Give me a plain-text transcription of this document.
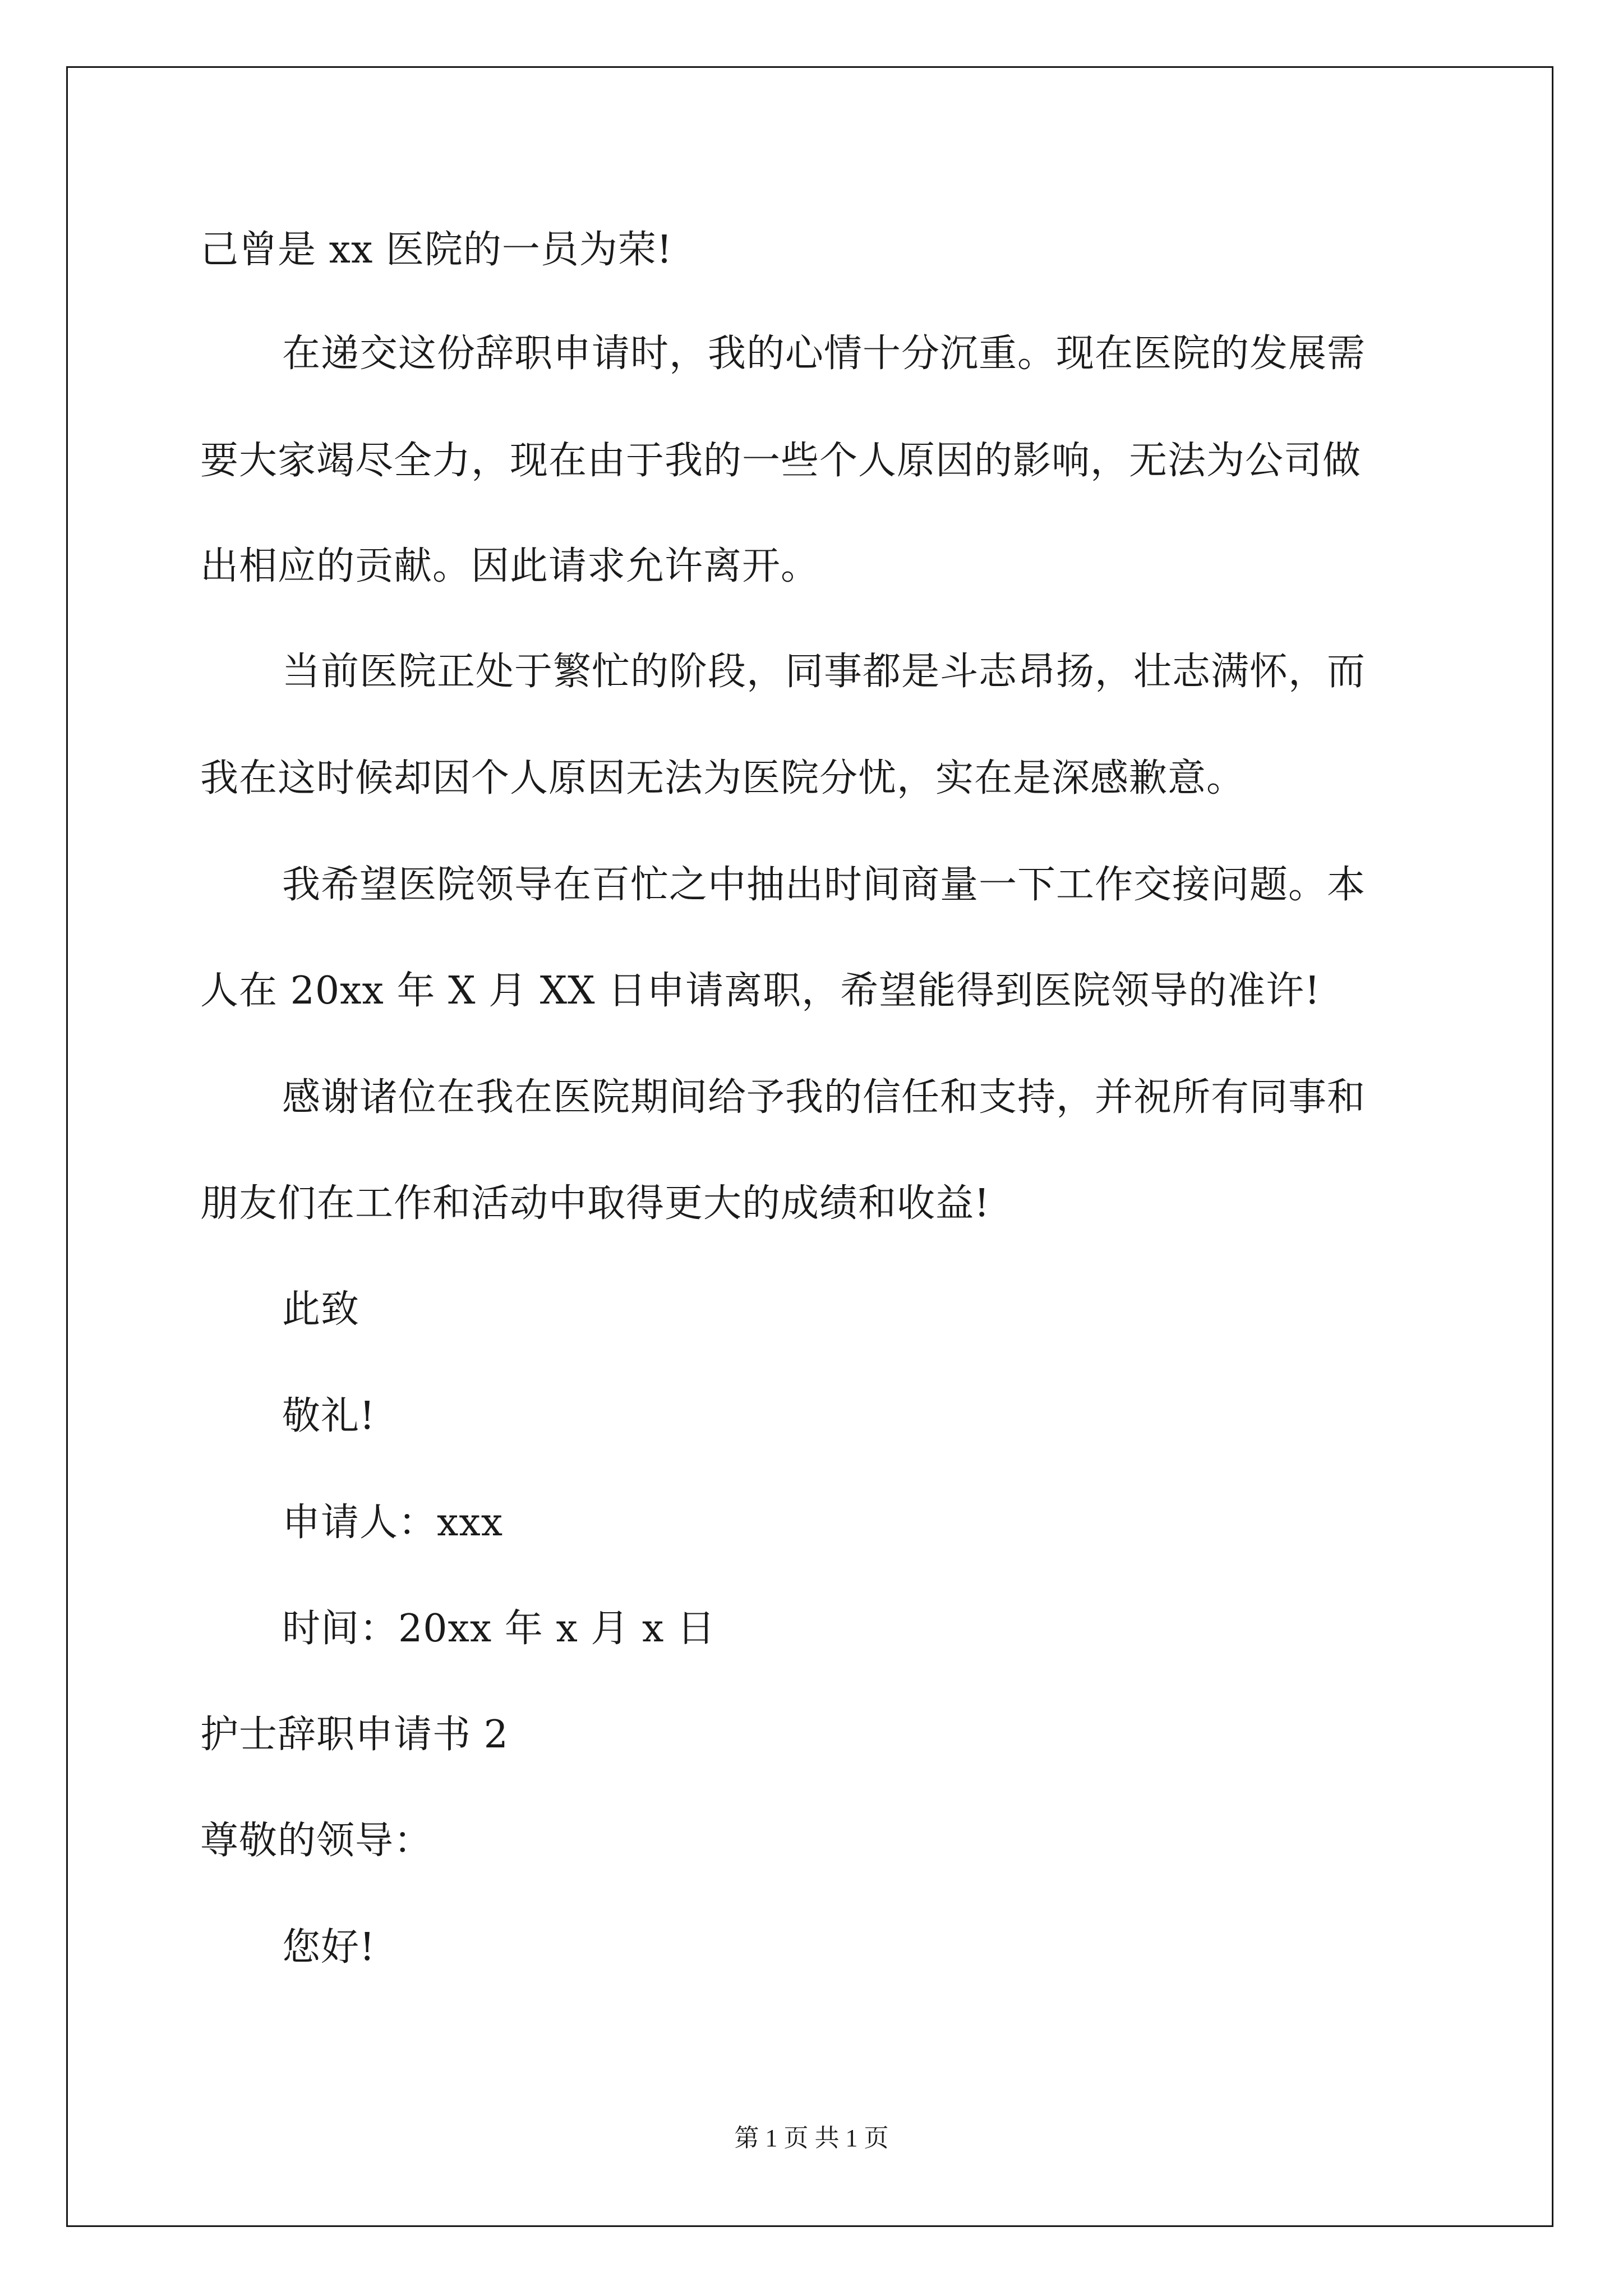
己曾是 xx 医院的一员为荣!
在递交这份辞职申请时，我的心情十分沉重。现在医院的发展需
要大家竭尽全力，现在由于我的一些个人原因的影响，无法为公司做
出相应的贡献。因此请求允许离开。
当前医院正处于繁忙的阶段，同事都是斗志昂扬，壮志满怀，而
我在这时候却因个人原因无法为医院分忧，实在是深感歉意。
我希望医院领导在百忙之中抽出时间商量一下工作交接问题。本
人在 20xx 年 X 月 XX 日申请离职，希望能得到医院领导的准许!
感谢诸位在我在医院期间给予我的信任和支持，并祝所有同事和
朋友们在工作和活动中取得更大的成绩和收益!
此致
敬礼!
申请人：xxx
时间：20xx 年 x 月 x 日
护士辞职申请书 2
尊敬的领导：
您好!
第 1 页 共 1 页
